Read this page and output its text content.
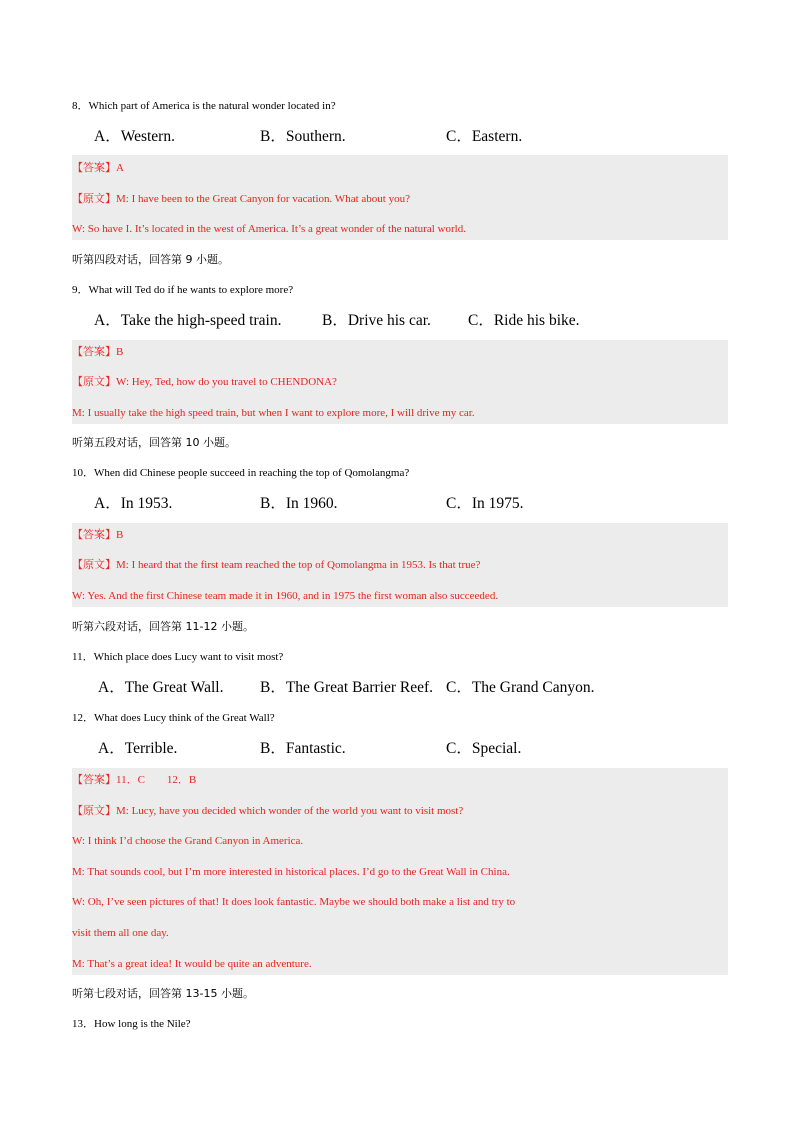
8．Which part of America is the natural wonder located in?
A．Western.	B．Southern.	C．Eastern.
【答案】A
【原文】M: I have been to the Great Canyon for vacation. What about you?
W: So have I. It’s located in the west of America. It’s a great wonder of the natural world.
听第四段对话，回答第 9 小题。
9．What will Ted do if he wants to explore more?
A．Take the high-speed train.	B．Drive his car. C．Ride his bike.
【答案】B
【原文】W: Hey, Ted, how do you travel to CHENDONA?
M: I usually take the high speed train, but when I want to explore more, I will drive my car.
听第五段对话，回答第 10 小题。
10．When did Chinese people succeed in reaching the top of Qomolangma?
A．In 1953.	B．In 1960.	C．In 1975.
【答案】B
【原文】M: I heard that the first team reached the top of Qomolangma in 1953. Is that true?
W: Yes. And the first Chinese team made it in 1960, and in 1975 the first woman also succeeded.
听第六段对话，回答第 11-12 小题。
11．Which place does Lucy want to visit most?
A．The Great Wall. B．The Great Barrier Reef. C．The Grand Canyon.
12．What does Lucy think of the Great Wall?
A．Terrible.	B．Fantastic.	C．Special.
【答案】11．C        12．B
【原文】M: Lucy, have you decided which wonder of the world you want to visit most?
W: I think I’d choose the Grand Canyon in America.
M: That sounds cool, but I’m more interested in historical places. I’d go to the Great Wall in China.
W: Oh, I’ve seen pictures of that! It does look fantastic. Maybe we should both make a list and try to
visit them all one day.
M: That’s a great idea! It would be quite an adventure.
听第七段对话，回答第 13-15 小题。
13．How long is the Nile?
